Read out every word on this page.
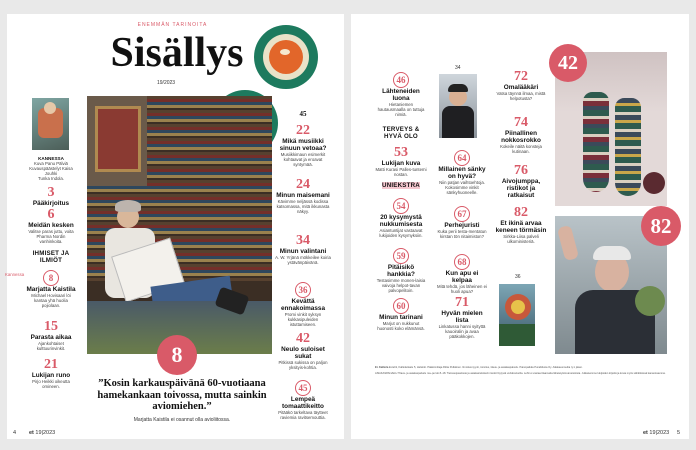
ENEMMÄN TARINOITA
Sisällys
19/2023
KANNESSA
Kuva Panu Pälviä
Kuvauspäästelyt Kaisa Jouhki
Tunka Indola.
3
Pääkirjoitus
6
Meidän kesken
Valitse paras juttu, voita Pharma Nordin vanhinkoita.
IHMISET JA ILMIÖT
Kannessa	8
Marjatta Kaistila
Michael Hovisaari löi kantaa yhä huolia pojiolaan.
15
Parasta aikaa
Ajankohtaiset kulttuurinvinkit.
21
Lukijan runo
Pirjo Heikki oikeutta omineen.
8
”Kosin karkauspäivänä 60-vuotiaana hamekankaan toivossa, mutta sainkin aviomiehen.”
Marjatta Kaistila ei osannut olla avioliitossa.
45
22
Mikä musiikki sinuun vetoaa?
Musiikkimaun esimerkit kohtaavat ja eroavat syntymää.
24
Minun maisemani
Kävimme neljässä kodissa katsomassa, mitä ikkunasta näkyy.
34
Minun valintani
A. W. Yrjänä mökkeilee koiria ystävänpäivänä.
36
Kevättä ennakoimassa
Promi vinkit syksyn kukkasipuleiden istuttamiseen.
42
Neulo suloiset sukat
Pitkissä sukissa on paljon yksityis-kohtia.
45
Lempeä tomaattikeitto
Pitääkö tarkeltava täytteet raviemia ravitsemouttia.
4 et 19|2023
46
Lähteneiden luona
Hietaniemen hautausmaalla on tuttuja nimiä.
TERVEYS & HYVÄ OLO
53
Lukijan kuva
Matti Kurasi Palles-tuntemi nostan.
UNIEKSTRA
54
20 kysymystä nukkumisesta
Asiantuntijat vastaavat lukijoiden kysymyksiin.
59
Pitäisikö hankkia?
Testasimme monen-laisia vaivoja helpot-tavan palvopelitoin.
60
Minun tarinani
Marjut on nukkunut huonosti koko elämänsä.
34
64
Millainen sänky on hyvä?
Niin patjan vaihtoehtoja. Kokosimme vinkit sänkyhuoneelle.
67
Perhejuristi
Kuka perii testa-mentatun kirstan tön nitaimiston?
68
Kun apu ei kelpaa
Mitä tehdä, jos läheinen ei huoli apua?
71
Hyvän mielen lista
Linkatussa hanni syityttä kauoiralin ja avaa pääkokkojen.
72
Omalääkäri
Vatsa täynnä ilmaa, mistä helpotusta?
74
Piinallinen nokkosrokko
Kokeile näitä konsteja kutinaan.
76
Aivojumppa, ristikot ja ratkaisut
82
Et ikinä arvaa keneen törmäsin
Sirkka-Liisa palveli ulkoministeriä.
36
42
82
Et. Kalliola Et-lehti, Kalliolankatu 5, Helsinki. Päätoimittaja Riitta Pulkkinen. Ilmoitusmyynti, toimitus, tilaus- ja asiakaspalvelu. Painopaikka PunaMusta Oy. Aikakausmedia ry:n jäsen.
ASIAKASPALVELU Tilaus- ja asiakaspalvelu ma–pe klo 8–18. Tietosuojaseloste ja asiakasrekisterin tiedot löytyvät verkkosivuilta. Lehti ei vastaa tilaamatta lähetetyistä aineistoista. Julkaisemme lukijoiden kirjeitä ja kuvia myös sähköisissä kanavissamme.
et 19|2023 5
